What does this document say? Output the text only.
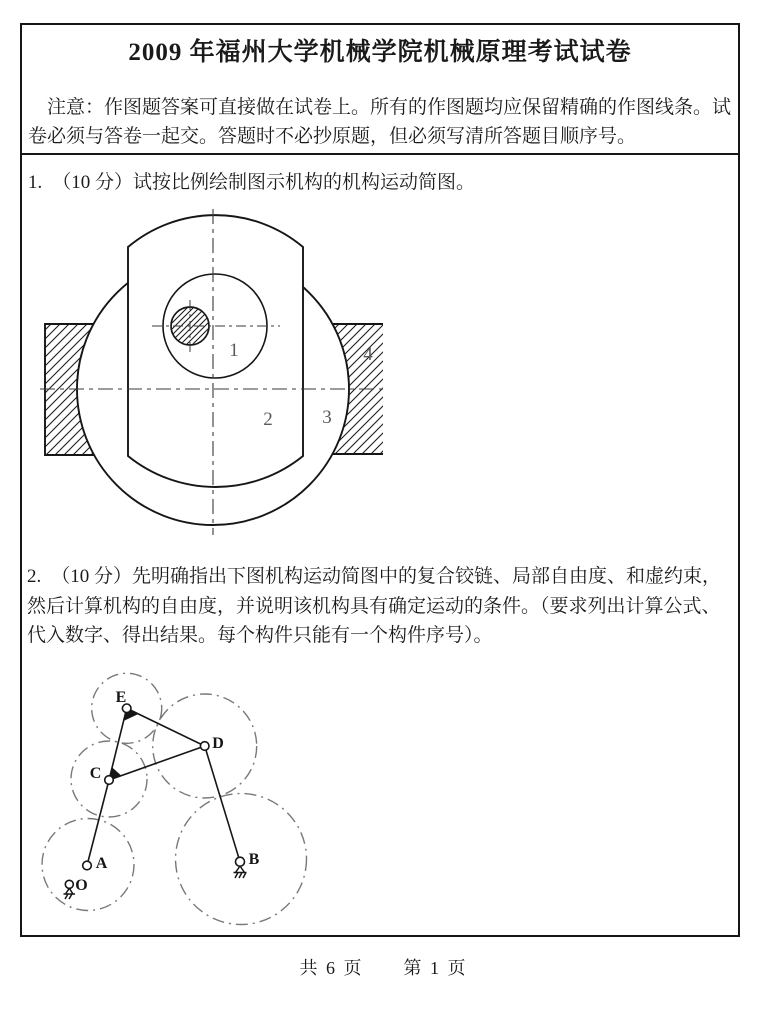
2009 年福州大学机械学院机械原理考试试卷

注意：作图题答案可直接做在试卷上。所有的作图题均应保留精确的作图线条。试卷必须与答卷一起交。答题时不必抄原题，但必须写清所答题目顺序号。

1. （10 分）试按比例绘制图示机构的机构运动简图。

1
2	3
4

2. （10 分）先明确指出下图机构运动简图中的复合铰链、局部自由度、和虚约束，然后计算机构的自由度，并说明该机构具有确定运动的条件。（要求列出计算公式、代入数字、得出结果。每个构件只能有一个构件序号）。

E
D
C
A	B
O

共 6 页　　第 1 页
